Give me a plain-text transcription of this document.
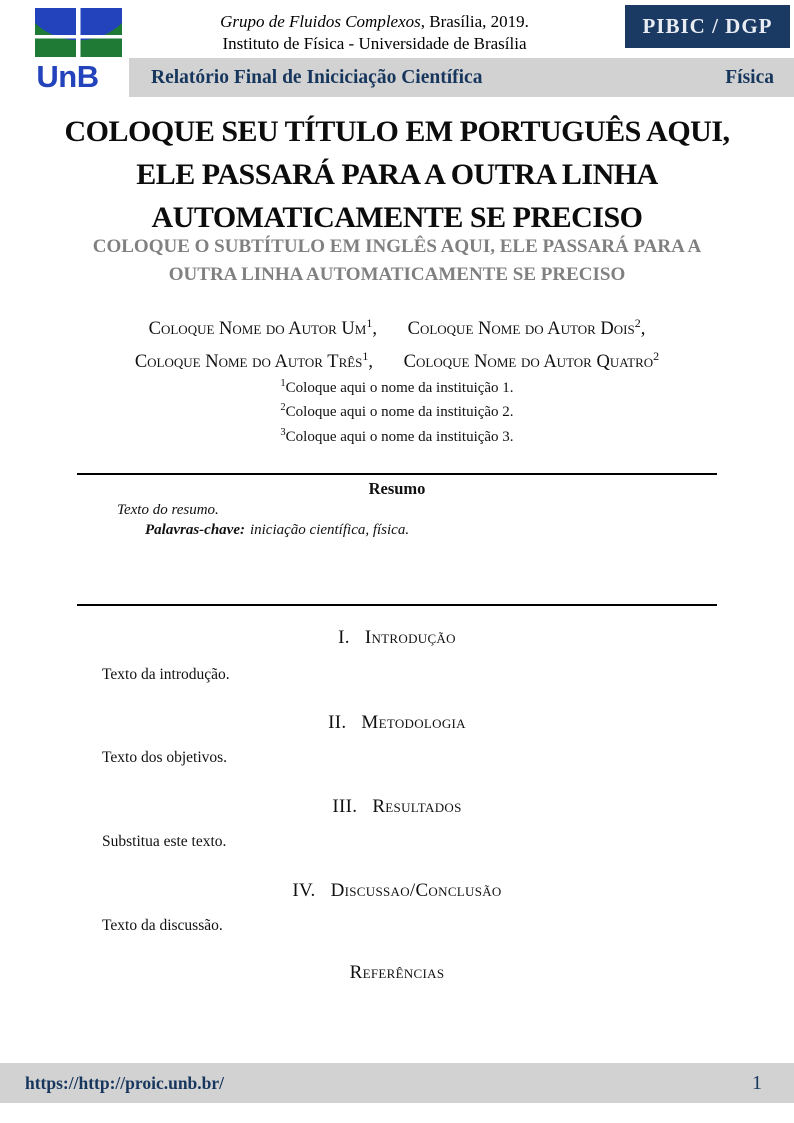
UnB
Grupo de Fluidos Complexos, Brasília, 2019.
Instituto de Física - Universidade de Brasília
PIBIC / DGP
Relatório Final de Iniciciação Científica	Física
COLOQUE SEU TÍTULO EM PORTUGUÊS AQUI,
ELE PASSARÁ PARA A OUTRA LINHA
AUTOMATICAMENTE SE PRECISO
COLOQUE O SUBTÍTULO EM INGLÊS AQUI, ELE PASSARÁ PARA A
OUTRA LINHA AUTOMATICAMENTE SE PRECISO
Coloque Nome do Autor Um$^1$, Coloque Nome do Autor Dois$^2$,
Coloque Nome do Autor Três$^1$, Coloque Nome do Autor Quatro$^2$
$^1$Coloque aqui o nome da instituição 1.
$^2$Coloque aqui o nome da instituição 2.
$^3$Coloque aqui o nome da instituição 3.
Resumo
Texto do resumo.
Palavras-chave: iniciação científica, física.
I. Introdução

Texto da introdução.

II. Metodologia

Texto dos objetivos.

III. Resultados

Substitua este texto.

IV. Discussao/Conclusão

Texto da discussão.

Referências
https://http://proic.unb.br/	1
